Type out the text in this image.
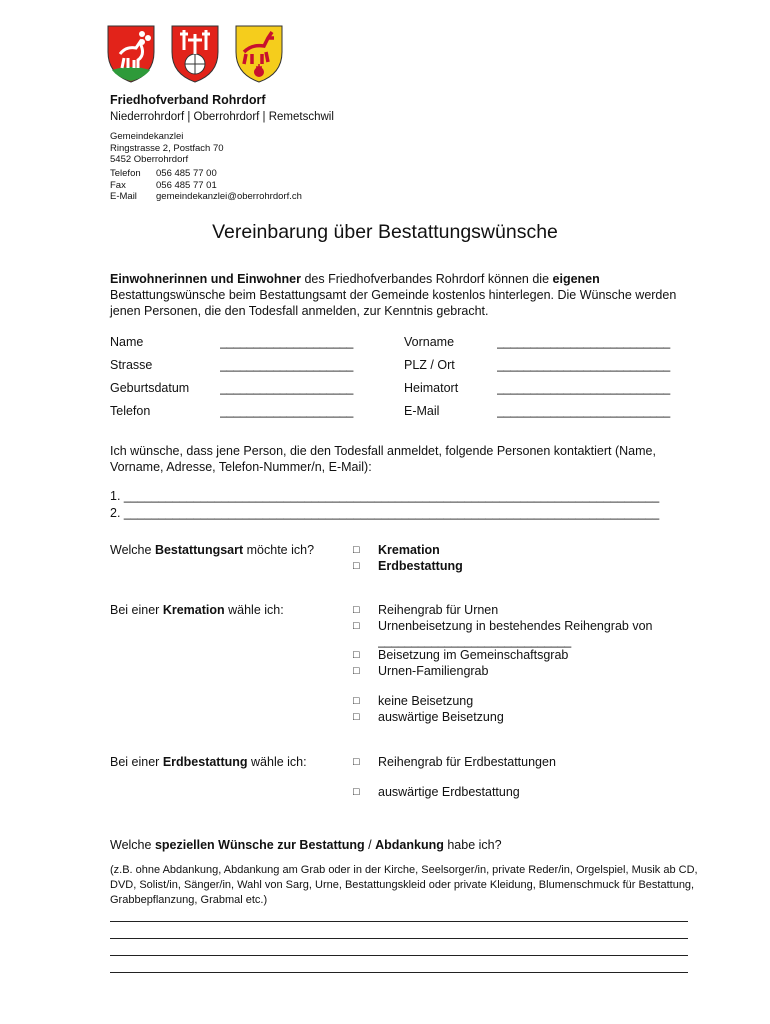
Friedhofverband Rohrdorf
Niederrohrdorf | Oberrohrdorf | Remetschwil
Gemeindekanzlei
Ringstrasse 2, Postfach 70
5452 Oberrohrdorf
Telefon	056 485 77 00
Fax	056 485 77 01
E-Mail	gemeindekanzlei@oberrohrdorf.ch
Vereinbarung über Bestattungswünsche
Einwohnerinnen und Einwohner des Friedhofverbandes Rohrdorf können die eigenen Bestattungswünsche beim Bestattungsamt der Gemeinde kostenlos hinterlegen. Die Wünsche werden jenen Personen, die den Todesfall anmelden, zur Kenntnis gebracht.
Name	____________________	Vorname	__________________________
Strasse	____________________	PLZ / Ort	__________________________
Geburtsdatum ____________________	Heimatort	__________________________
Telefon	____________________	E-Mail	__________________________
Ich wünsche, dass jene Person, die den Todesfall anmeldet, folgende Personen kontaktiert (Name, Vorname, Adresse, Telefon-Nummer/n, E-Mail):
1. _____________________________________________________________________________
2. _____________________________________________________________________________
Welche Bestattungsart möchte ich?	□ Kremation
□ Erdbestattung
Bei einer Kremation wähle ich:	□ Reihengrab für Urnen
□ Urnenbeisetzung in bestehendes Reihengrab von
_____________________________
□ Beisetzung im Gemeinschaftsgrab
□ Urnen-Familiengrab
□ keine Beisetzung
□ auswärtige Beisetzung
Bei einer Erdbestattung wähle ich:	□ Reihengrab für Erdbestattungen
□ auswärtige Erdbestattung
Welche speziellen Wünsche zur Bestattung / Abdankung habe ich?
(z.B. ohne Abdankung, Abdankung am Grab oder in der Kirche, Seelsorger/in, private Reder/in, Orgelspiel, Musik ab CD, DVD, Solist/in, Sänger/in, Wahl von Sarg, Urne, Bestattungskleid oder private Kleidung, Blumenschmuck für Bestattung, Grabbepflanzung, Grabmal etc.)
